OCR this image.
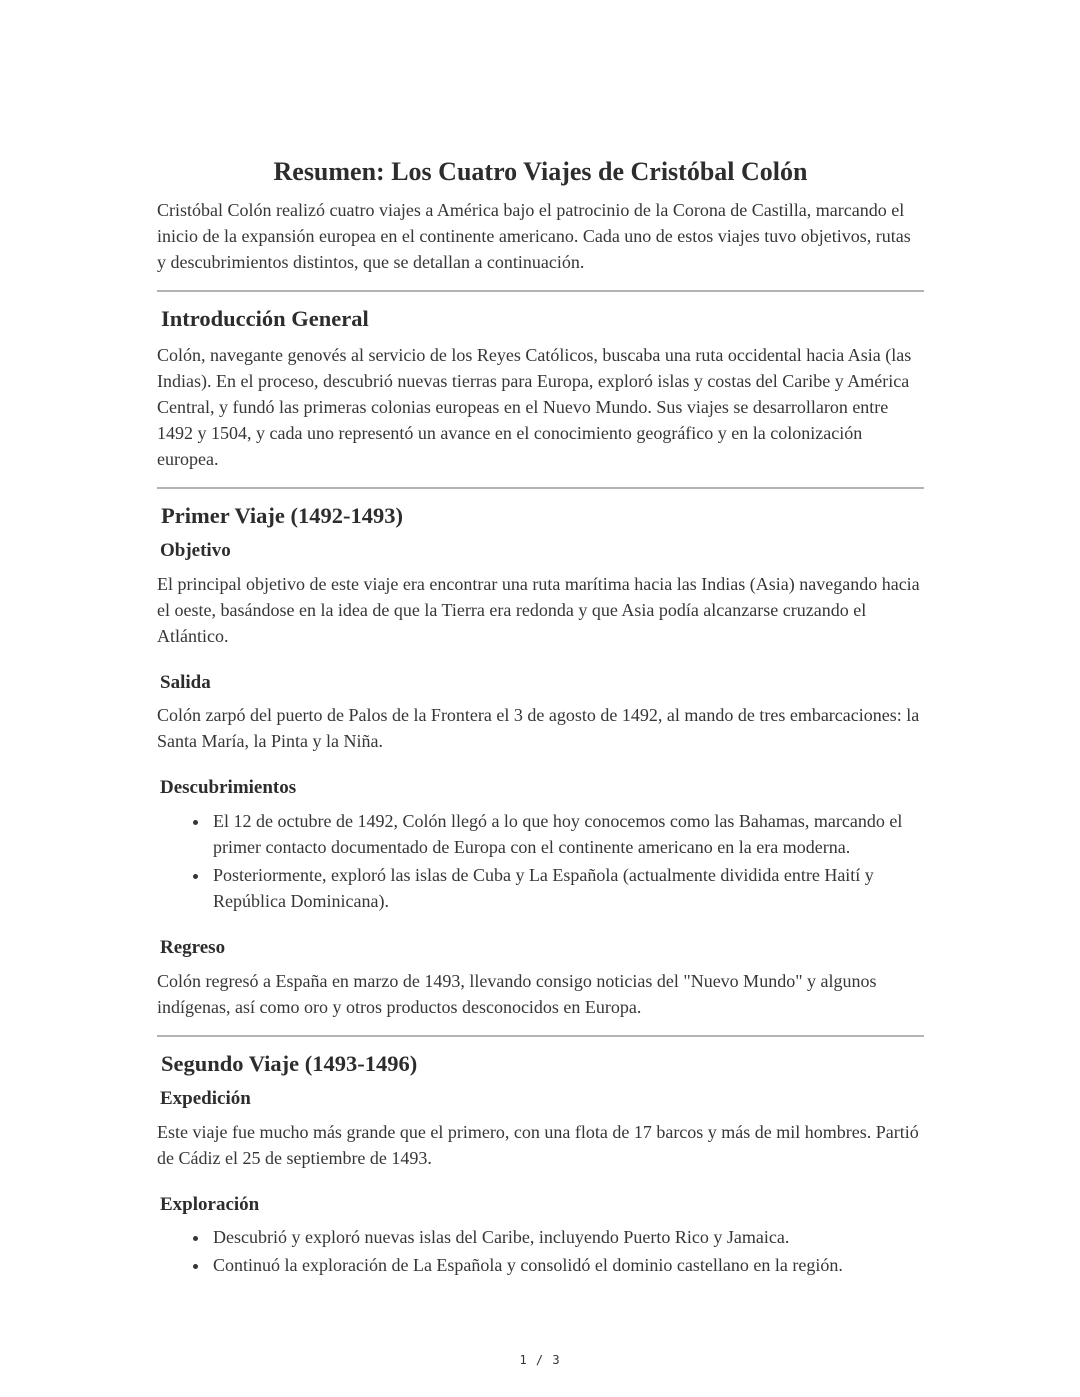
Resumen: Los Cuatro Viajes de Cristóbal Colón

Cristóbal Colón realizó cuatro viajes a América bajo el patrocinio de la Corona de Castilla, marcando el inicio de la expansión europea en el continente americano. Cada uno de estos viajes tuvo objetivos, rutas y descubrimientos distintos, que se detallan a continuación.

Introducción General

Colón, navegante genovés al servicio de los Reyes Católicos, buscaba una ruta occidental hacia Asia (las Indias). En el proceso, descubrió nuevas tierras para Europa, exploró islas y costas del Caribe y América Central, y fundó las primeras colonias europeas en el Nuevo Mundo. Sus viajes se desarrollaron entre 1492 y 1504, y cada uno representó un avance en el conocimiento geográfico y en la colonización europea.

Primer Viaje (1492-1493)
Objetivo

El principal objetivo de este viaje era encontrar una ruta marítima hacia las Indias (Asia) navegando hacia el oeste, basándose en la idea de que la Tierra era redonda y que Asia podía alcanzarse cruzando el Atlántico.

Salida

Colón zarpó del puerto de Palos de la Frontera el 3 de agosto de 1492, al mando de tres embarcaciones: la Santa María, la Pinta y la Niña.

Descubrimientos
• El 12 de octubre de 1492, Colón llegó a lo que hoy conocemos como las Bahamas, marcando el primer contacto documentado de Europa con el continente americano en la era moderna.
• Posteriormente, exploró las islas de Cuba y La Española (actualmente dividida entre Haití y República Dominicana).
Regreso

Colón regresó a España en marzo de 1493, llevando consigo noticias del "Nuevo Mundo" y algunos indígenas, así como oro y otros productos desconocidos en Europa.

Segundo Viaje (1493-1496)
Expedición

Este viaje fue mucho más grande que el primero, con una flota de 17 barcos y más de mil hombres. Partió de Cádiz el 25 de septiembre de 1493.

Exploración
• Descubrió y exploró nuevas islas del Caribe, incluyendo Puerto Rico y Jamaica.
• Continuó la exploración de La Española y consolidó el dominio castellano en la región.
1 / 3
